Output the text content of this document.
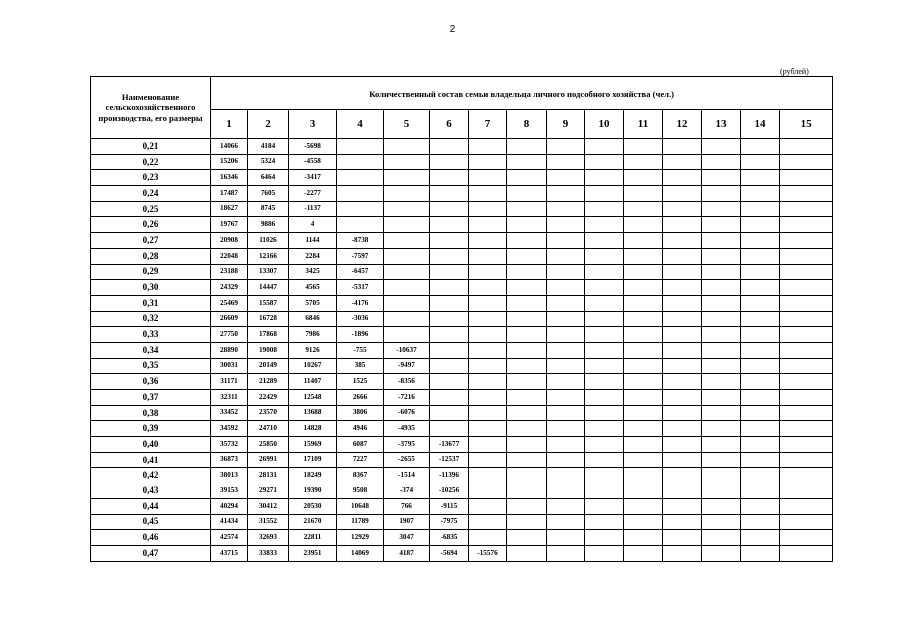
2
(рублей)
Наименование сельскохозяйственного производства, его размеры	Количественный состав семьи владельца личного подсобного хозяйства (чел.)														
	1	2	3	4	5	6	7	8	9	10	11	12	13	14	15
0,21	14066	4184	-5698												
0,22	15206	5324	-4558												
0,23	16346	6464	-3417												
0,24	17487	7605	-2277												
0,25	18627	8745	-1137												
0,26	19767	9886	4												
0,27	20908	11026	1144	-8738											
0,28	22048	12166	2284	-7597											
0,29	23188	13307	3425	-6457											
0,30	24329	14447	4565	-5317											
0,31	25469	15587	5705	-4176											
0,32	26609	16728	6846	-3036											
0,33	27750	17868	7986	-1896											
0,34	28890	19008	9126	-755	-10637										
0,35	30031	20149	10267	385	-9497										
0,36	31171	21289	11407	1525	-8356										
0,37	32311	22429	12548	2666	-7216										
0,38	33452	23570	13688	3806	-6076										
0,39	34592	24710	14828	4946	-4935										
0,40	35732	25850	15969	6087	-3795	-13677									
0,41	36873	26991	17109	7227	-2655	-12537									
0,42	38013	28131	18249	8367	-1514	-11396									
0,43	39153	29271	19390	9508	-374	-10256									
0,44	40294	30412	20530	10648	766	-9115									
0,45	41434	31552	21670	11789	1907	-7975									
0,46	42574	32693	22811	12929	3047	-6835									
0,47	43715	33833	23951	14069	4187	-5694	-15576								
